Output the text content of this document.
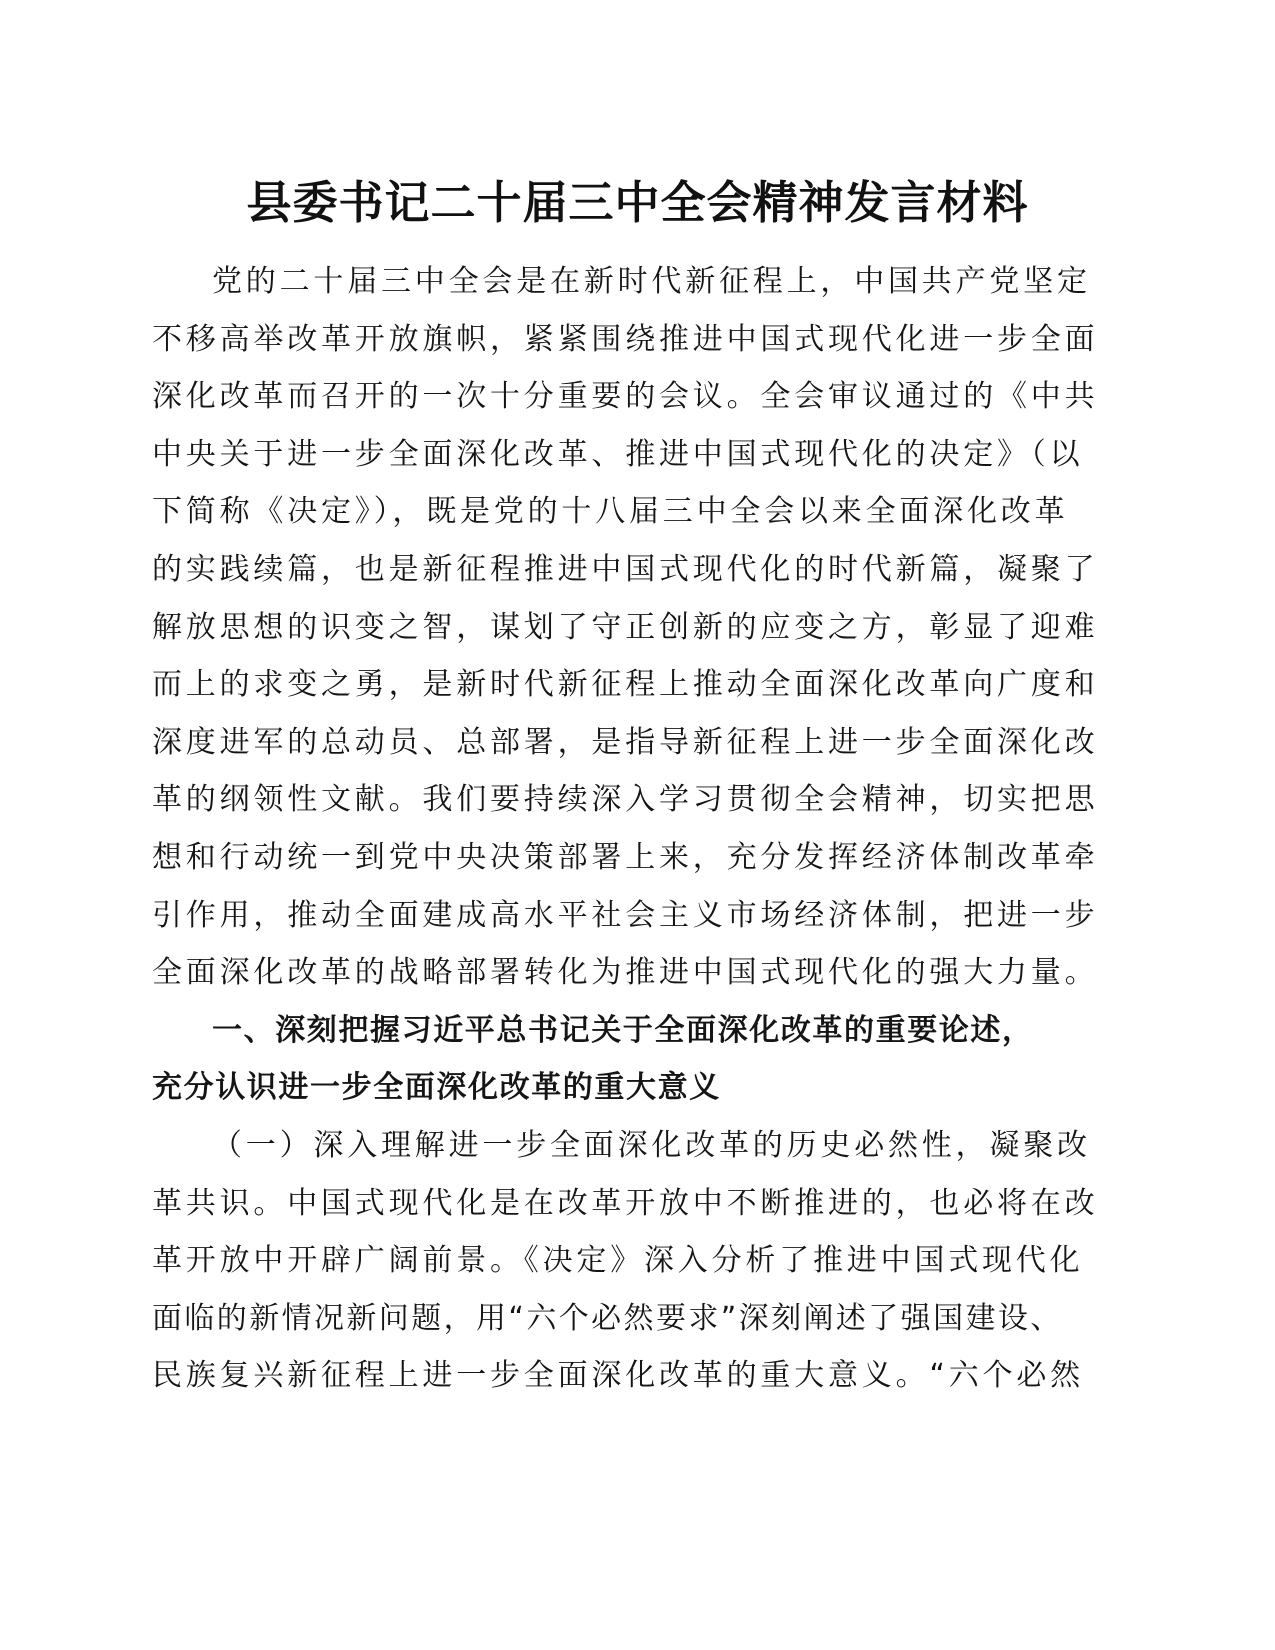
县委书记二十届三中全会精神发言材料
党的二十届三中全会是在新时代新征程上，中国共产党坚定
不移高举改革开放旗帜，紧紧围绕推进中国式现代化进一步全面
深化改革而召开的一次十分重要的会议。全会审议通过的《中共
中央关于进一步全面深化改革、推进中国式现代化的决定》（以
下简称《决定》），既是党的十八届三中全会以来全面深化改革
的实践续篇，也是新征程推进中国式现代化的时代新篇，凝聚了
解放思想的识变之智，谋划了守正创新的应变之方，彰显了迎难
而上的求变之勇，是新时代新征程上推动全面深化改革向广度和
深度进军的总动员、总部署，是指导新征程上进一步全面深化改
革的纲领性文献。我们要持续深入学习贯彻全会精神，切实把思
想和行动统一到党中央决策部署上来，充分发挥经济体制改革牵
引作用，推动全面建成高水平社会主义市场经济体制，把进一步
全面深化改革的战略部署转化为推进中国式现代化的强大力量。
一、深刻把握习近平总书记关于全面深化改革的重要论述，
充分认识进一步全面深化改革的重大意义
（一）深入理解进一步全面深化改革的历史必然性，凝聚改
革共识。中国式现代化是在改革开放中不断推进的，也必将在改
革开放中开辟广阔前景。《决定》深入分析了推进中国式现代化
面临的新情况新问题，用“六个必然要求”深刻阐述了强国建设、
民族复兴新征程上进一步全面深化改革的重大意义。“六个必然
